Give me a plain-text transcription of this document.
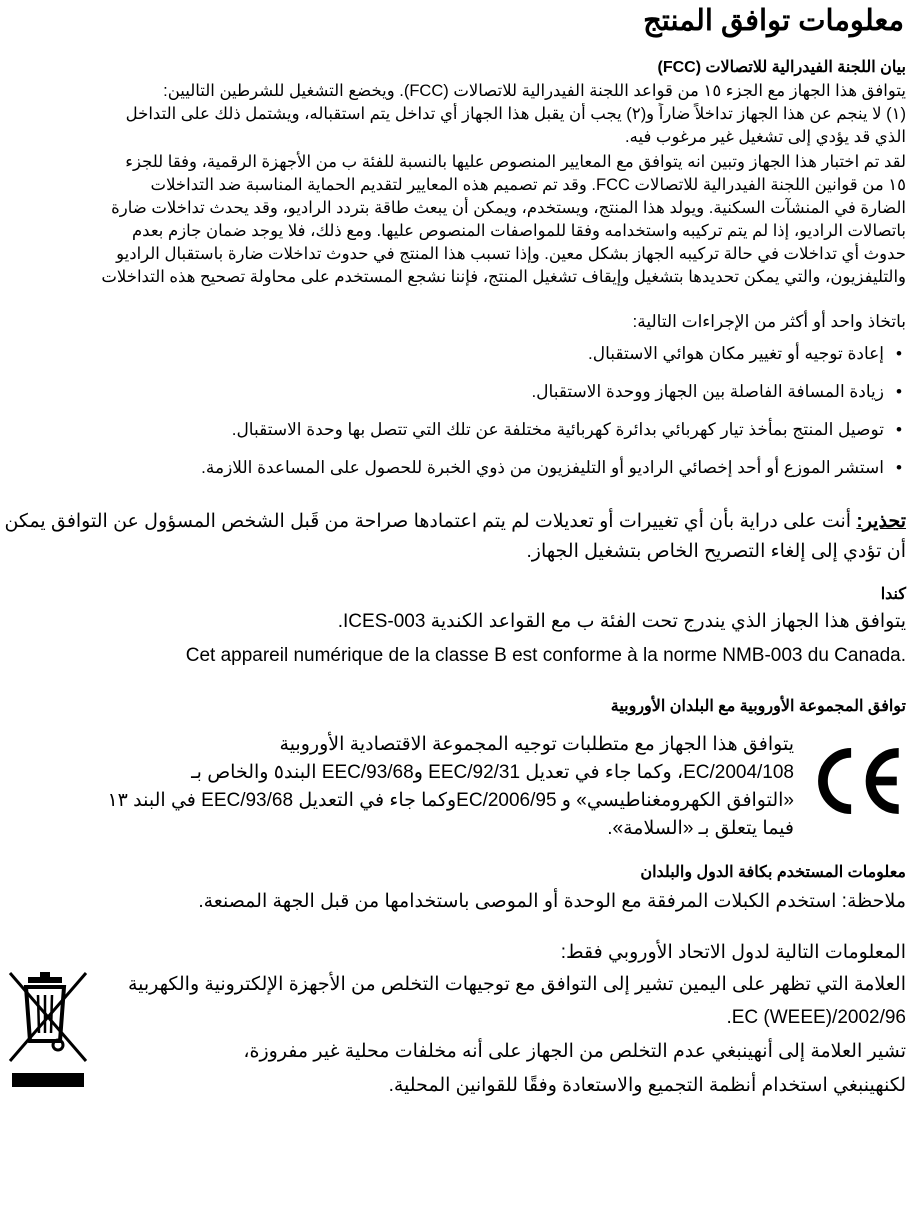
معلومات توافق المنتج

بيان اللجنة الفيدرالية للاتصالات (FCC)

يتوافق هذا الجهاز مع الجزء ١٥ من قواعد اللجنة الفيدرالية للاتصالات (FCC). ويخضع التشغيل للشرطين التاليين:
(١) لا ينجم عن هذا الجهاز تداخلاً ضاراً و(٢) يجب أن يقبل هذا الجهاز أي تداخل يتم استقباله، ويشتمل ذلك على التداخل
الذي قد يؤدي إلى تشغيل غير مرغوب فيه.

لقد تم اختبار هذا الجهاز وتبين انه يتوافق مع المعايير المنصوص عليها بالنسبة للفئة ب من الأجهزة الرقمية، وفقا للجزء
١٥ من قوانين اللجنة الفيدرالية للاتصالات FCC. وقد تم تصميم هذه المعايير لتقديم الحماية المناسبة ضد التداخلات
الضارة في المنشآت السكنية. ويولد هذا المنتج، ويستخدم، ويمكن أن يبعث طاقة بتردد الراديو، وقد يحدث تداخلات ضارة
باتصالات الراديو، إذا لم يتم تركيبه واستخدامه وفقا للمواصفات المنصوص عليها. ومع ذلك، فلا يوجد ضمان جازم بعدم
حدوث أي تداخلات في حالة تركيبه الجهاز بشكل معين. وإذا تسبب هذا المنتج في حدوث تداخلات ضارة باستقبال الراديو
والتليفزيون، والتي يمكن تحديدها بتشغيل وإيقاف تشغيل المنتج، فإننا نشجع المستخدم على محاولة تصحيح هذه التداخلات

باتخاذ واحد أو أكثر من الإجراءات التالية:

•إعادة توجيه أو تغيير مكان هوائي الاستقبال.
•زيادة المسافة الفاصلة بين الجهاز ووحدة الاستقبال.
•توصيل المنتج بمأخذ تيار كهربائي بدائرة كهربائية مختلفة عن تلك التي تتصل بها وحدة الاستقبال.
•استشر الموزع أو أحد إخصائي الراديو أو التليفزيون من ذوي الخبرة للحصول على المساعدة اللازمة.

تحذير: أنت على دراية بأن أي تغييرات أو تعديلات لم يتم اعتمادها صراحة من قَبل الشخص المسؤول عن التوافق يمكن

أن تؤدي إلى إلغاء التصريح الخاص بتشغيل الجهاز.

كندا

يتوافق هذا الجهاز الذي يندرج تحت الفئة ب مع القواعد الكندية ICES-003.

Cet appareil numérique de la classe B est conforme à la norme NMB-003 du Canada.

توافق المجموعة الأوروبية مع البلدان الأوروبية

يتوافق هذا الجهاز مع متطلبات توجيه المجموعة الاقتصادية الأوروبية
EC/2004/108، وكما جاء في تعديل EEC/92/31 وEEC/93/68 البند٥ والخاص بـ
«التوافق الكهرومغناطيسي» و EC/2006/95وكما جاء في التعديل EEC/93/68 في البند ١٣
فيما يتعلق بـ «السلامة».

معلومات المستخدم بكافة الدول والبلدان

ملاحظة: استخدم الكبلات المرفقة مع الوحدة أو الموصى باستخدامها من قبل الجهة المصنعة.

المعلومات التالية لدول الاتحاد الأوروبي فقط:

العلامة التي تظهر على اليمين تشير إلى التوافق مع توجيهات التخلص من الأجهزة الإلكترونية والكهربية

2002/96/EC (WEEE).

تشير العلامة إلى أنهينبغي عدم التخلص من الجهاز على أنه مخلفات محلية غير مفروزة،

لكنهينبغي استخدام أنظمة التجميع والاستعادة وفقًا للقوانين المحلية.
